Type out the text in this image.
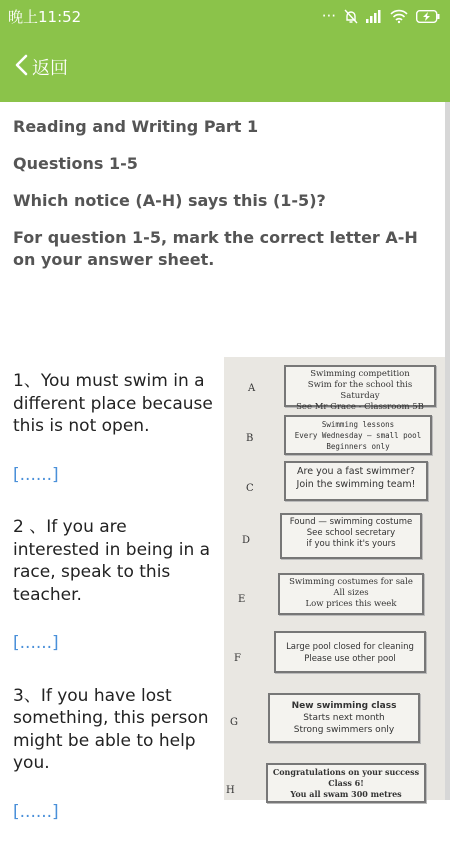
晚上11:52	···
返回

Reading and Writing Part 1

Questions 1-5

Which notice (A-H) says this (1-5)?

For question 1-5, mark the correct letter A-H on your answer sheet.

1、You must swim in a different place because this is not open.
[......]
2 、If you are interested in being in a race, speak to this teacher.
[......]
3、If you have lost something, this person might be able to help you.
[......]
A
Swimming competition
Swim for the school this Saturday
See Mr Grace - Classroom 5B
B
Swimming lessons
Every Wednesday — small pool
Beginners only
C
Are you a fast swimmer?
Join the swimming team!
D
Found — swimming costume
See school secretary
if you think it's yours
E
Swimming costumes for sale
All sizes
Low prices this week
F
Large pool closed for cleaning
Please use other pool
G
New swimming class
Starts next month
Strong swimmers only
H
Congratulations on your success Class 6!
You all swam 300 metres
